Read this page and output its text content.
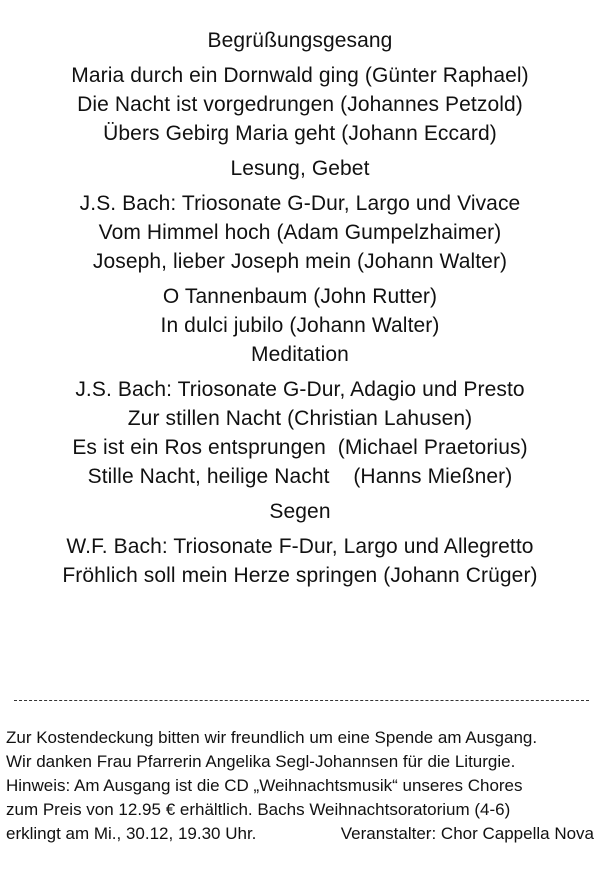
Begrüßungsgesang
Maria durch ein Dornwald ging (Günter Raphael)
Die Nacht ist vorgedrungen (Johannes Petzold)
Übers Gebirg Maria geht (Johann Eccard)
Lesung, Gebet
J.S. Bach: Triosonate G-Dur, Largo und Vivace
Vom Himmel hoch (Adam Gumpelzhaimer)
Joseph, lieber Joseph mein (Johann Walter)
O Tannenbaum (John Rutter)
In dulci jubilo (Johann Walter)
Meditation
J.S. Bach: Triosonate G-Dur, Adagio und Presto
Zur stillen Nacht (Christian Lahusen)
Es ist ein Ros entsprungen  (Michael Praetorius)
Stille Nacht, heilige Nacht    (Hanns Mießner)
Segen
W.F. Bach: Triosonate F-Dur, Largo und Allegretto
Fröhlich soll mein Herze springen (Johann Crüger)
Zur Kostendeckung bitten wir freundlich um eine Spende am Ausgang.
Wir danken Frau Pfarrerin Angelika Segl-Johannsen für die Liturgie.
Hinweis: Am Ausgang ist die CD „Weihnachtsmusik“ unseres Chores
zum Preis von 12.95 € erhältlich. Bachs Weihnachtsoratorium (4-6)
erklingt am Mi., 30.12, 19.30 Uhr.	Veranstalter: Chor Cappella Nova
